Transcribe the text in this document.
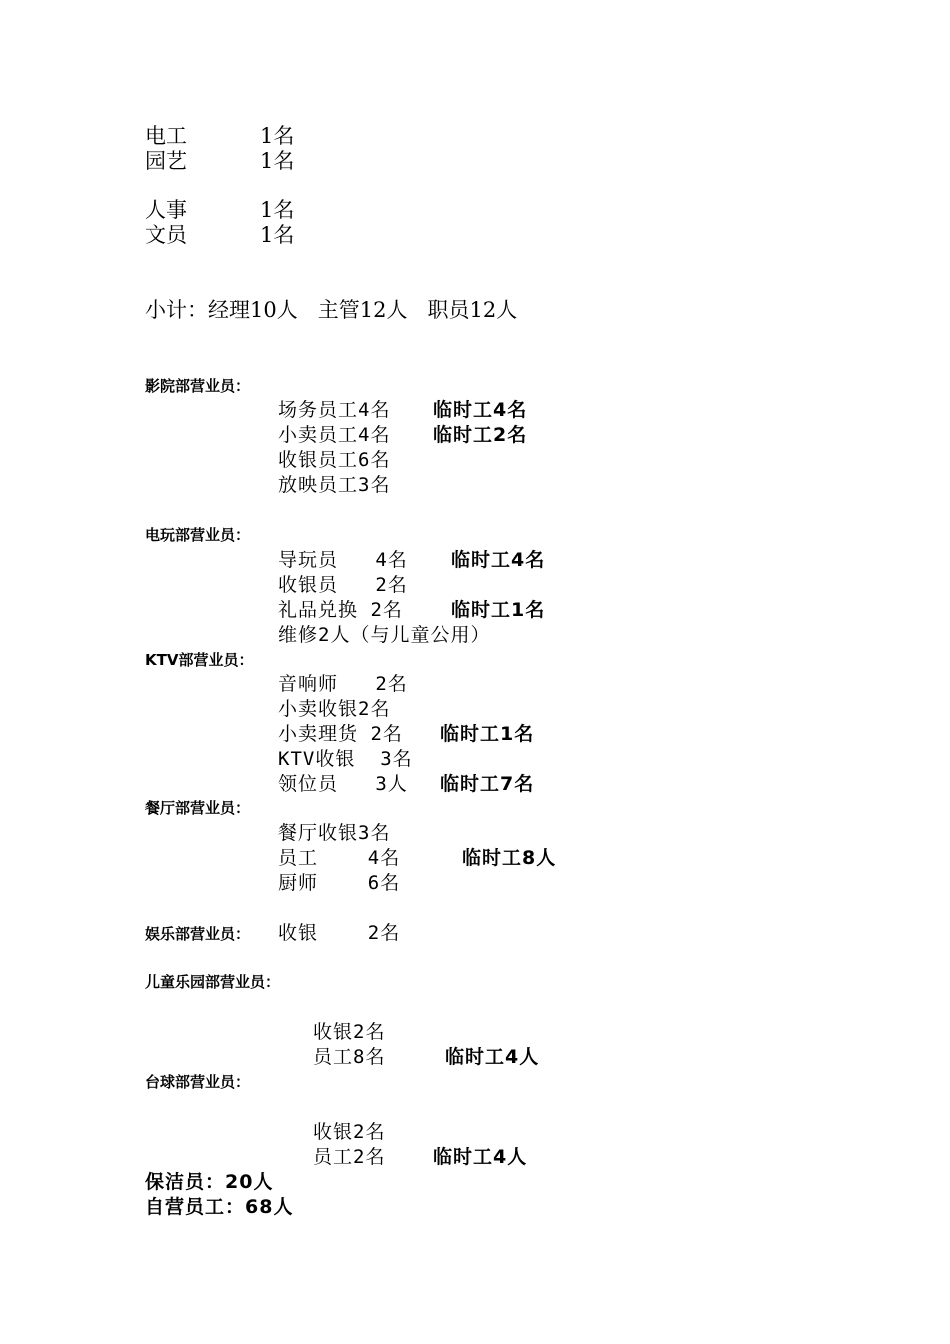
电工	1名
园艺	1名
人事	1名
文员	1名
小计：经理10人   主管12人   职员12人
影院部营业员：
场务员工4名 临时工4名
小卖员工4名 临时工2名
收银员工6名
放映员工3名
电玩部营业员：
导玩员   4名 临时工4名
收银员   2名
礼品兑换 2名	临时工1名
维修2人（与儿童公用）
KTV部营业员：
音响师   2名
小卖收银2名
小卖理货 2名 临时工1名
KTV收银  3名
领位员   3人 临时工7名
餐厅部营业员：
餐厅收银3名
员工    4名	临时工8人
厨师    6名
娱乐部营业员： 收银    2名
儿童乐园部营业员：
收银2名
员工8名	临时工4人
台球部营业员：
收银2名
员工2名	临时工4人
保洁员：20人
自营员工：68人
